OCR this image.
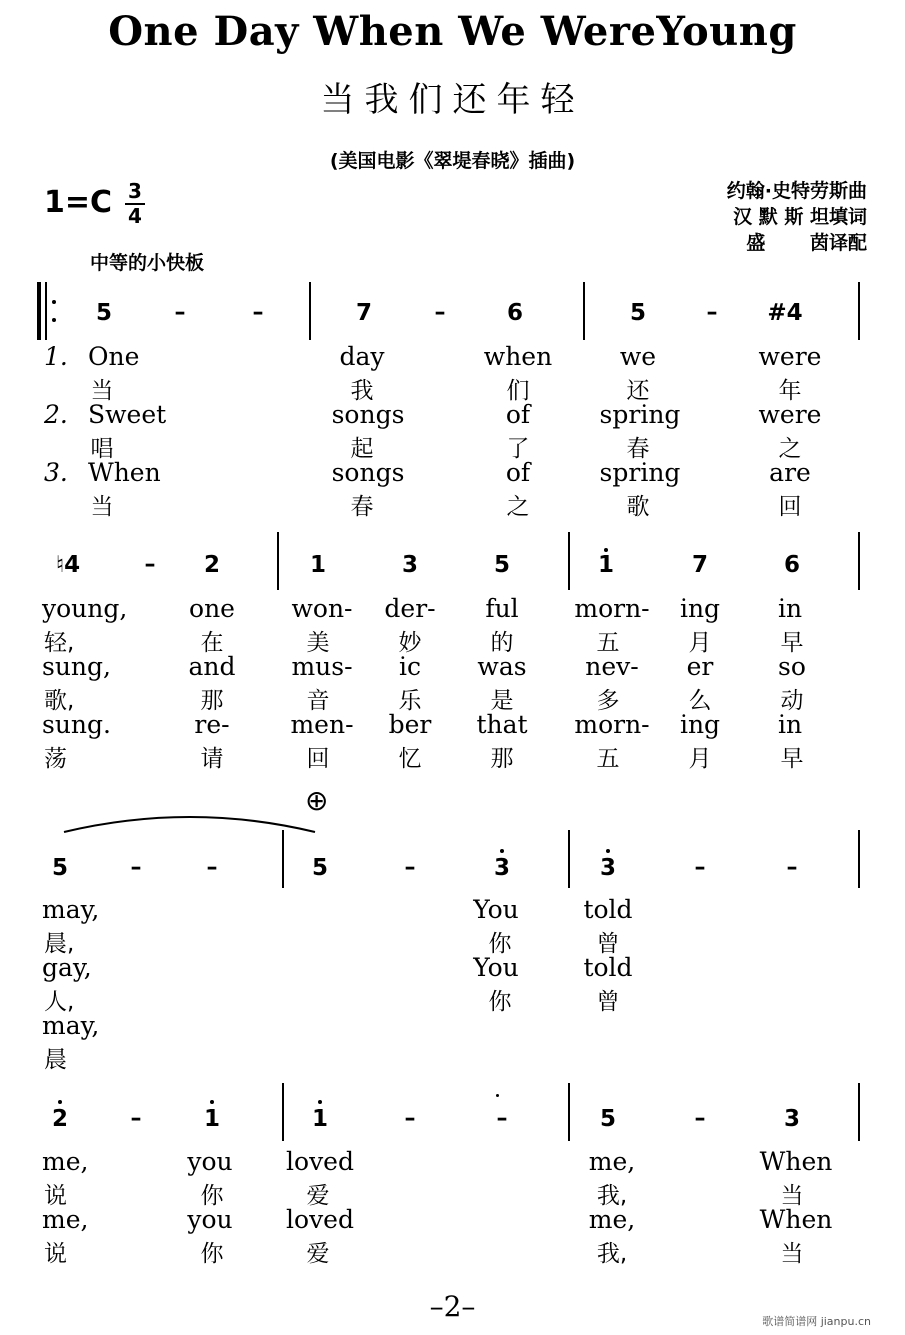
One Day When We WereYoung
当我们还年轻
(美国电影《翠堤春晓》插曲)
1=C 3
4
约翰·史特劳斯曲
汉 默 斯 坦填词
盛　　 茵译配
中等的小快板
5	–	–	7	–	6	5	– #4
1. One	day	when	we	were
当	我	们	还	年
2. Sweet	songs	of	spring	were
唱	起	了	春	之
3. When	songs	of	spring	are
当	春	之	歌	回
♮4	– 2	1	3	5	1	7	6
young, one won- der- ful morn- ing in
轻,	在	美	妙	的	五	月	早
sung,	and mus- ic was nev- er	so
歌,	那	音	乐	是	多	么	动
sung.	re- men- ber that morn- ing in
荡	请	回	忆	那	五	月	早
⊕
5	–	–	5	–	3	3	–	–
may,	You	told
晨,	你	曾
gay,	You	told
人,	你	曾
may,
晨
2	–	1	1	–	–	5	–	3
me,	you loved	me,	When
说	你	爱	我,	当
me,	you loved	me,	When
说	你	爱	我,	当
–2–	歌谱简谱网 jianpu.cn
